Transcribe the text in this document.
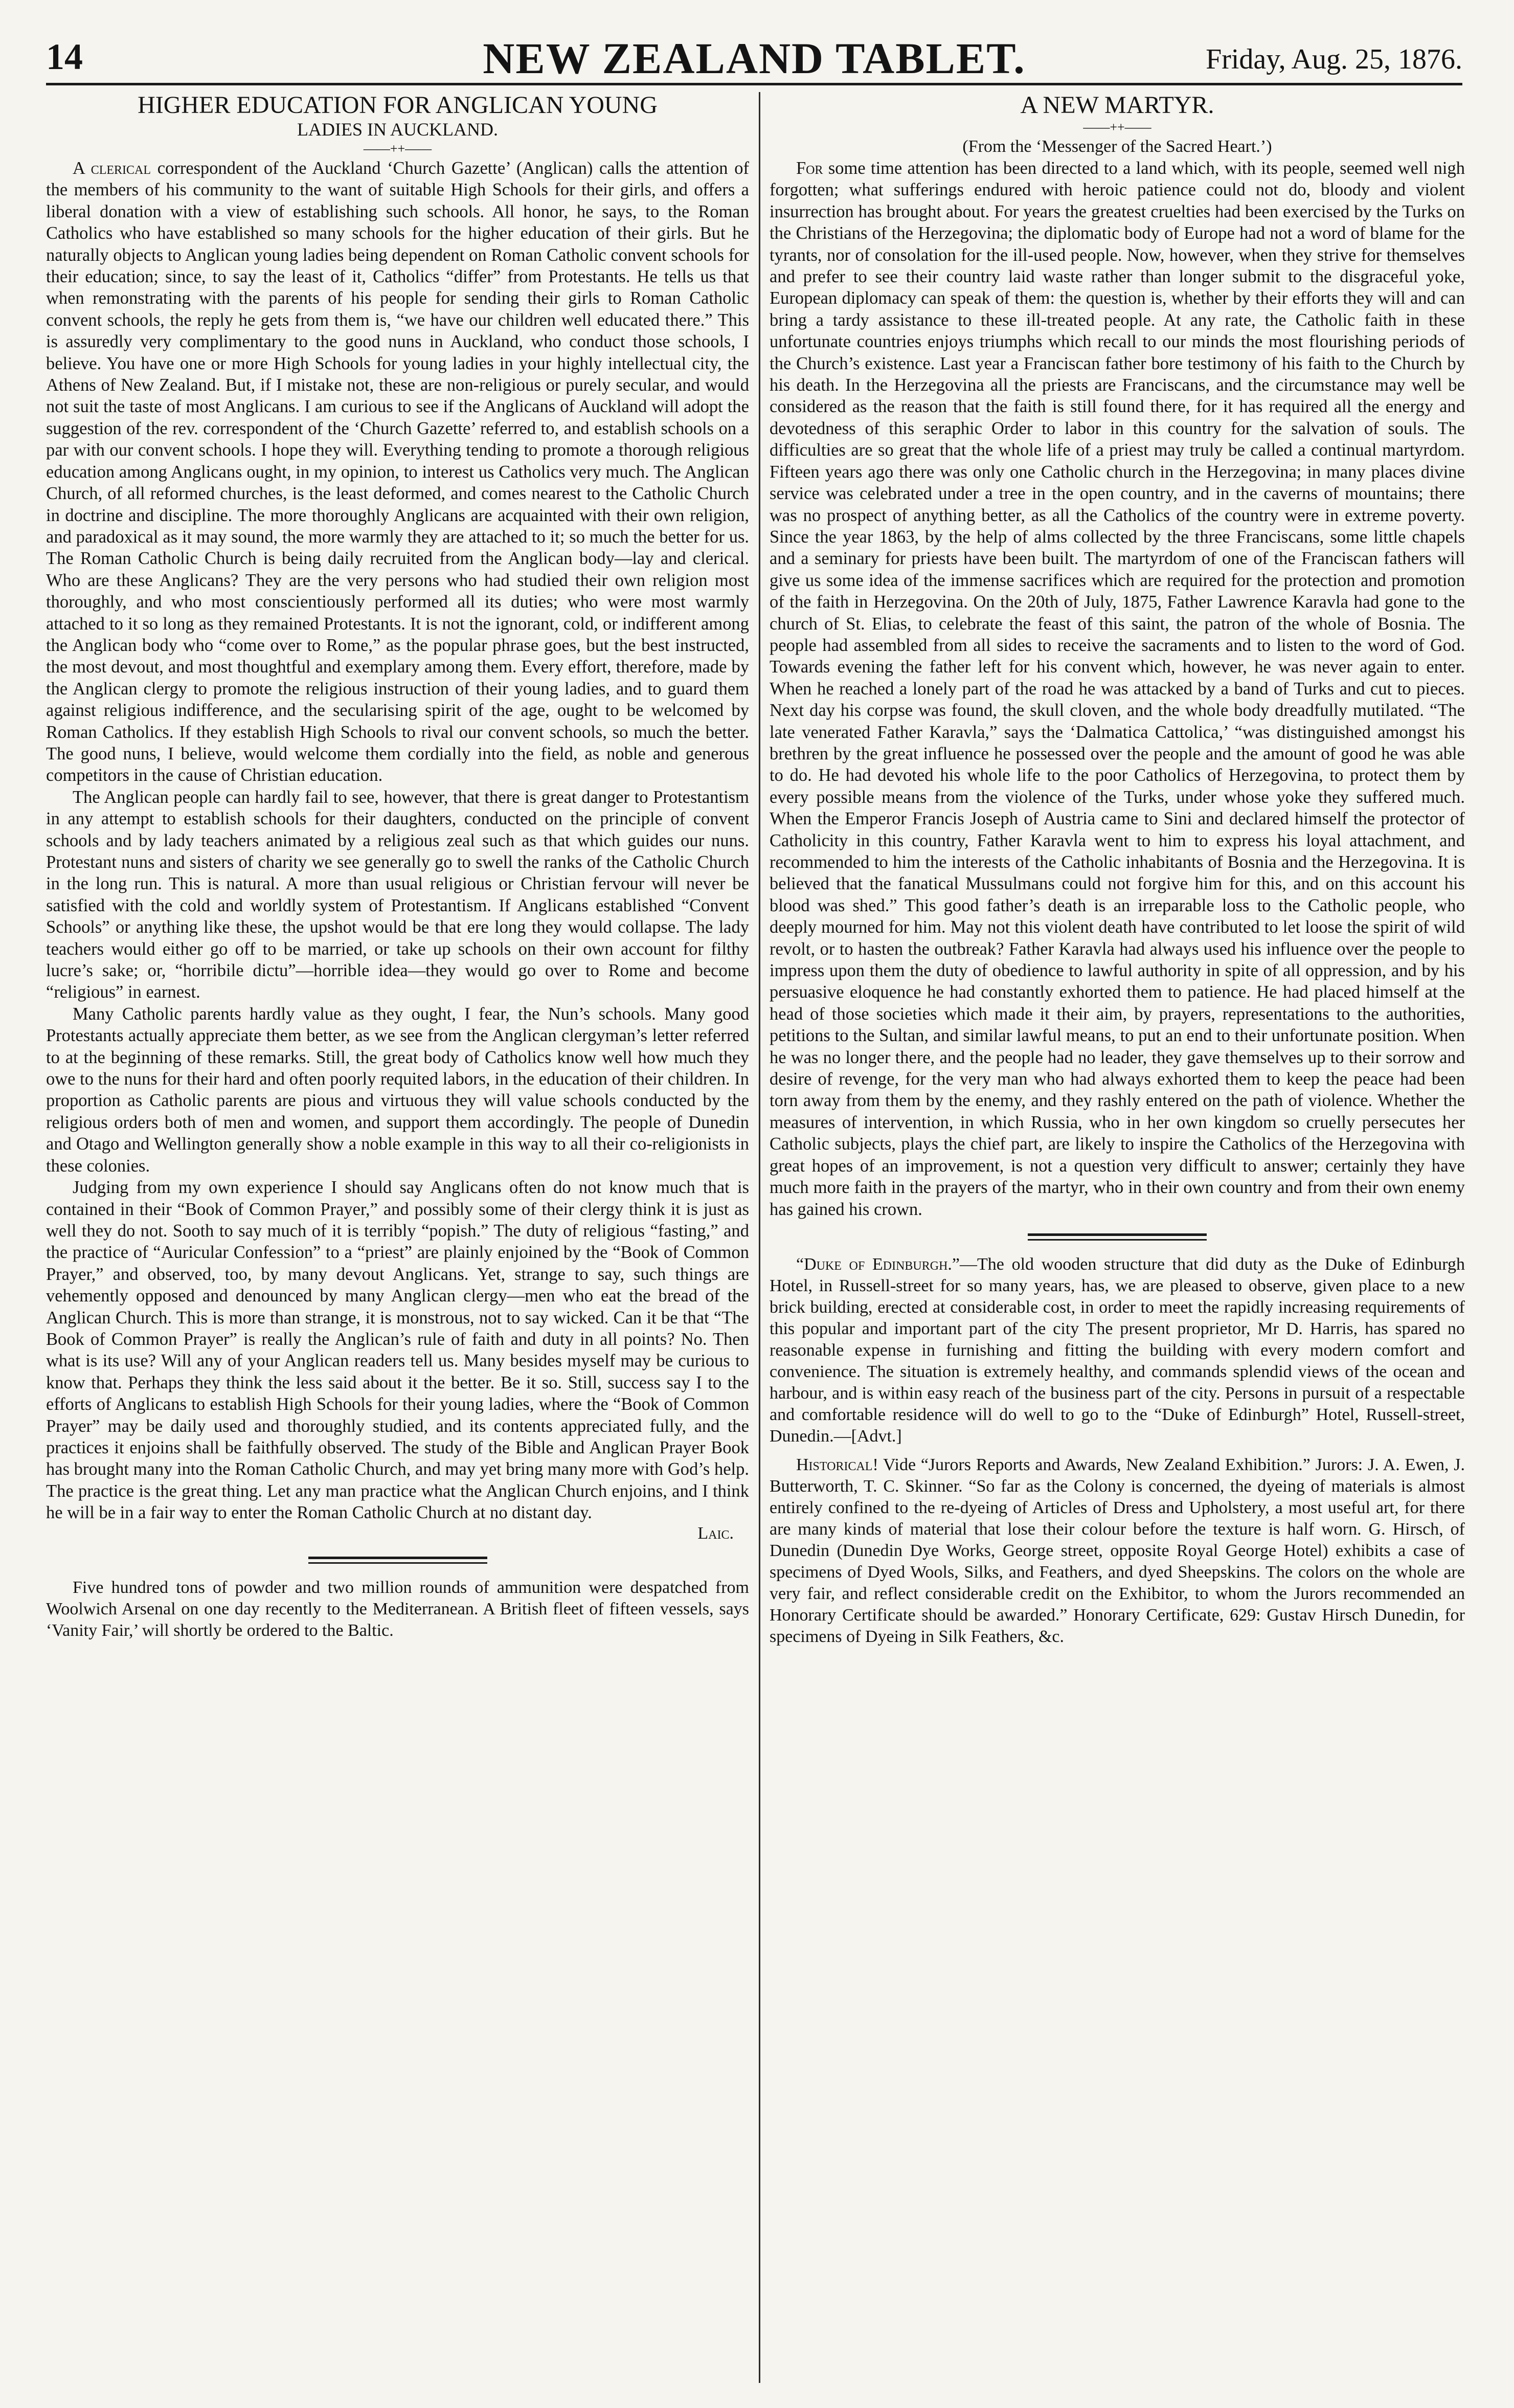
14	NEW ZEALAND TABLET.	Friday, Aug. 25, 1876.
HIGHER EDUCATION FOR ANGLICAN YOUNG
LADIES IN AUCKLAND.
——++——

A clerical correspondent of the Auckland ‘Church Gazette’ (Anglican) calls the attention of the members of his community to the want of suitable High Schools for their girls, and offers a liberal donation with a view of establishing such schools. All honor, he says, to the Roman Catholics who have established so many schools for the higher education of their girls. But he naturally objects to Anglican young ladies being dependent on Roman Catholic convent schools for their education; since, to say the least of it, Catholics “differ” from Protestants. He tells us that when remonstrating with the parents of his people for sending their girls to Roman Catholic convent schools, the reply he gets from them is, “we have our children well educated there.” This is assuredly very complimentary to the good nuns in Auckland, who conduct those schools, I believe. You have one or more High Schools for young ladies in your highly intellectual city, the Athens of New Zealand. But, if I mistake not, these are non-religious or purely secular, and would not suit the taste of most Anglicans. I am curious to see if the Anglicans of Auckland will adopt the suggestion of the rev. correspondent of the ‘Church Gazette’ referred to, and establish schools on a par with our convent schools. I hope they will. Everything tending to promote a thorough religious education among Anglicans ought, in my opinion, to interest us Catholics very much. The Anglican Church, of all reformed churches, is the least deformed, and comes nearest to the Catholic Church in doctrine and discipline. The more thoroughly Anglicans are acquainted with their own religion, and paradoxical as it may sound, the more warmly they are attached to it; so much the better for us. The Roman Catholic Church is being daily recruited from the Anglican body—lay and clerical. Who are these Anglicans? They are the very persons who had studied their own religion most thoroughly, and who most conscientiously performed all its duties; who were most warmly attached to it so long as they remained Protestants. It is not the ignorant, cold, or indifferent among the Anglican body who “come over to Rome,” as the popular phrase goes, but the best instructed, the most devout, and most thoughtful and exemplary among them. Every effort, therefore, made by the Anglican clergy to promote the religious instruction of their young ladies, and to guard them against religious indifference, and the secularising spirit of the age, ought to be welcomed by Roman Catholics. If they establish High Schools to rival our convent schools, so much the better. The good nuns, I believe, would welcome them cordially into the field, as noble and generous competitors in the cause of Christian education.

The Anglican people can hardly fail to see, however, that there is great danger to Protestantism in any attempt to establish schools for their daughters, conducted on the principle of convent schools and by lady teachers animated by a religious zeal such as that which guides our nuns. Protestant nuns and sisters of charity we see generally go to swell the ranks of the Catholic Church in the long run. This is natural. A more than usual religious or Christian fervour will never be satisfied with the cold and worldly system of Protestantism. If Anglicans established “Convent Schools” or anything like these, the upshot would be that ere long they would collapse. The lady teachers would either go off to be married, or take up schools on their own account for filthy lucre’s sake; or, “horribile dictu”—horrible idea—they would go over to Rome and become “religious” in earnest.

Many Catholic parents hardly value as they ought, I fear, the Nun’s schools. Many good Protestants actually appreciate them better, as we see from the Anglican clergyman’s letter referred to at the beginning of these remarks. Still, the great body of Catholics know well how much they owe to the nuns for their hard and often poorly requited labors, in the education of their children. In proportion as Catholic parents are pious and virtuous they will value schools conducted by the religious orders both of men and women, and support them accordingly. The people of Dunedin and Otago and Wellington generally show a noble example in this way to all their co-religionists in these colonies.

Judging from my own experience I should say Anglicans often do not know much that is contained in their “Book of Common Prayer,” and possibly some of their clergy think it is just as well they do not. Sooth to say much of it is terribly “popish.” The duty of religious “fasting,” and the practice of “Auricular Confession” to a “priest” are plainly enjoined by the “Book of Common Prayer,” and observed, too, by many devout Anglicans. Yet, strange to say, such things are vehemently opposed and denounced by many Anglican clergy—men who eat the bread of the Anglican Church. This is more than strange, it is monstrous, not to say wicked. Can it be that “The Book of Common Prayer” is really the Anglican’s rule of faith and duty in all points? No. Then what is its use? Will any of your Anglican readers tell us. Many besides myself may be curious to know that. Perhaps they think the less said about it the better. Be it so. Still, success say I to the efforts of Anglicans to establish High Schools for their young ladies, where the “Book of Common Prayer” may be daily used and thoroughly studied, and its contents appreciated fully, and the practices it enjoins shall be faithfully observed. The study of the Bible and Anglican Prayer Book has brought many into the Roman Catholic Church, and may yet bring many more with God’s help. The practice is the great thing. Let any man practice what the Anglican Church enjoins, and I think he will be in a fair way to enter the Roman Catholic Church at no distant day.

Laic.

Five hundred tons of powder and two million rounds of ammunition were despatched from Woolwich Arsenal on one day recently to the Mediterranean. A British fleet of fifteen vessels, says ‘Vanity Fair,’ will shortly be ordered to the Baltic.

A NEW MARTYR.
——++——
(From the ‘Messenger of the Sacred Heart.’)

For some time attention has been directed to a land which, with its people, seemed well nigh forgotten; what sufferings endured with heroic patience could not do, bloody and violent insurrection has brought about. For years the greatest cruelties had been exercised by the Turks on the Christians of the Herzegovina; the diplomatic body of Europe had not a word of blame for the tyrants, nor of consolation for the ill-used people. Now, however, when they strive for themselves and prefer to see their country laid waste rather than longer submit to the disgraceful yoke, European diplomacy can speak of them: the question is, whether by their efforts they will and can bring a tardy assistance to these ill-treated people. At any rate, the Catholic faith in these unfortunate countries enjoys triumphs which recall to our minds the most flourishing periods of the Church’s existence. Last year a Franciscan father bore testimony of his faith to the Church by his death. In the Herzegovina all the priests are Franciscans, and the circumstance may well be considered as the reason that the faith is still found there, for it has required all the energy and devotedness of this seraphic Order to labor in this country for the salvation of souls. The difficulties are so great that the whole life of a priest may truly be called a continual martyrdom. Fifteen years ago there was only one Catholic church in the Herzegovina; in many places divine service was celebrated under a tree in the open country, and in the caverns of mountains; there was no prospect of anything better, as all the Catholics of the country were in extreme poverty. Since the year 1863, by the help of alms collected by the three Franciscans, some little chapels and a seminary for priests have been built. The martyrdom of one of the Franciscan fathers will give us some idea of the immense sacrifices which are required for the protection and promotion of the faith in Herzegovina. On the 20th of July, 1875, Father Lawrence Karavla had gone to the church of St. Elias, to celebrate the feast of this saint, the patron of the whole of Bosnia. The people had assembled from all sides to receive the sacraments and to listen to the word of God. Towards evening the father left for his convent which, however, he was never again to enter. When he reached a lonely part of the road he was attacked by a band of Turks and cut to pieces. Next day his corpse was found, the skull cloven, and the whole body dreadfully mutilated. “The late venerated Father Karavla,” says the ‘Dalmatica Cattolica,’ “was distinguished amongst his brethren by the great influence he possessed over the people and the amount of good he was able to do. He had devoted his whole life to the poor Catholics of Herzegovina, to protect them by every possible means from the violence of the Turks, under whose yoke they suffered much. When the Emperor Francis Joseph of Austria came to Sini and declared himself the protector of Catholicity in this country, Father Karavla went to him to express his loyal attachment, and recommended to him the interests of the Catholic inhabitants of Bosnia and the Herzegovina. It is believed that the fanatical Mussulmans could not forgive him for this, and on this account his blood was shed.” This good father’s death is an irreparable loss to the Catholic people, who deeply mourned for him. May not this violent death have contributed to let loose the spirit of wild revolt, or to hasten the outbreak? Father Karavla had always used his influence over the people to impress upon them the duty of obedience to lawful authority in spite of all oppression, and by his persuasive eloquence he had constantly exhorted them to patience. He had placed himself at the head of those societies which made it their aim, by prayers, representations to the authorities, petitions to the Sultan, and similar lawful means, to put an end to their unfortunate position. When he was no longer there, and the people had no leader, they gave themselves up to their sorrow and desire of revenge, for the very man who had always exhorted them to keep the peace had been torn away from them by the enemy, and they rashly entered on the path of violence. Whether the measures of intervention, in which Russia, who in her own kingdom so cruelly persecutes her Catholic subjects, plays the chief part, are likely to inspire the Catholics of the Herzegovina with great hopes of an improvement, is not a question very difficult to answer; certainly they have much more faith in the prayers of the martyr, who in their own country and from their own enemy has gained his crown.

“Duke of Edinburgh.”—The old wooden structure that did duty as the Duke of Edinburgh Hotel, in Russell-street for so many years, has, we are pleased to observe, given place to a new brick building, erected at considerable cost, in order to meet the rapidly increasing requirements of this popular and important part of the city The present proprietor, Mr D. Harris, has spared no reasonable expense in furnishing and fitting the building with every modern comfort and convenience. The situation is extremely healthy, and commands splendid views of the ocean and harbour, and is within easy reach of the business part of the city. Persons in pursuit of a respectable and comfortable residence will do well to go to the “Duke of Edinburgh” Hotel, Russell-street, Dunedin.—[Advt.]

Historical! Vide “Jurors Reports and Awards, New Zealand Exhibition.” Jurors: J. A. Ewen, J. Butterworth, T. C. Skinner. “So far as the Colony is concerned, the dyeing of materials is almost entirely confined to the re-dyeing of Articles of Dress and Upholstery, a most useful art, for there are many kinds of material that lose their colour before the texture is half worn. G. Hirsch, of Dunedin (Dunedin Dye Works, George street, opposite Royal George Hotel) exhibits a case of specimens of Dyed Wools, Silks, and Feathers, and dyed Sheepskins. The colors on the whole are very fair, and reflect considerable credit on the Exhibitor, to whom the Jurors recommended an Honorary Certificate should be awarded.” Honorary Certificate, 629: Gustav Hirsch Dunedin, for specimens of Dyeing in Silk Feathers, &c.
